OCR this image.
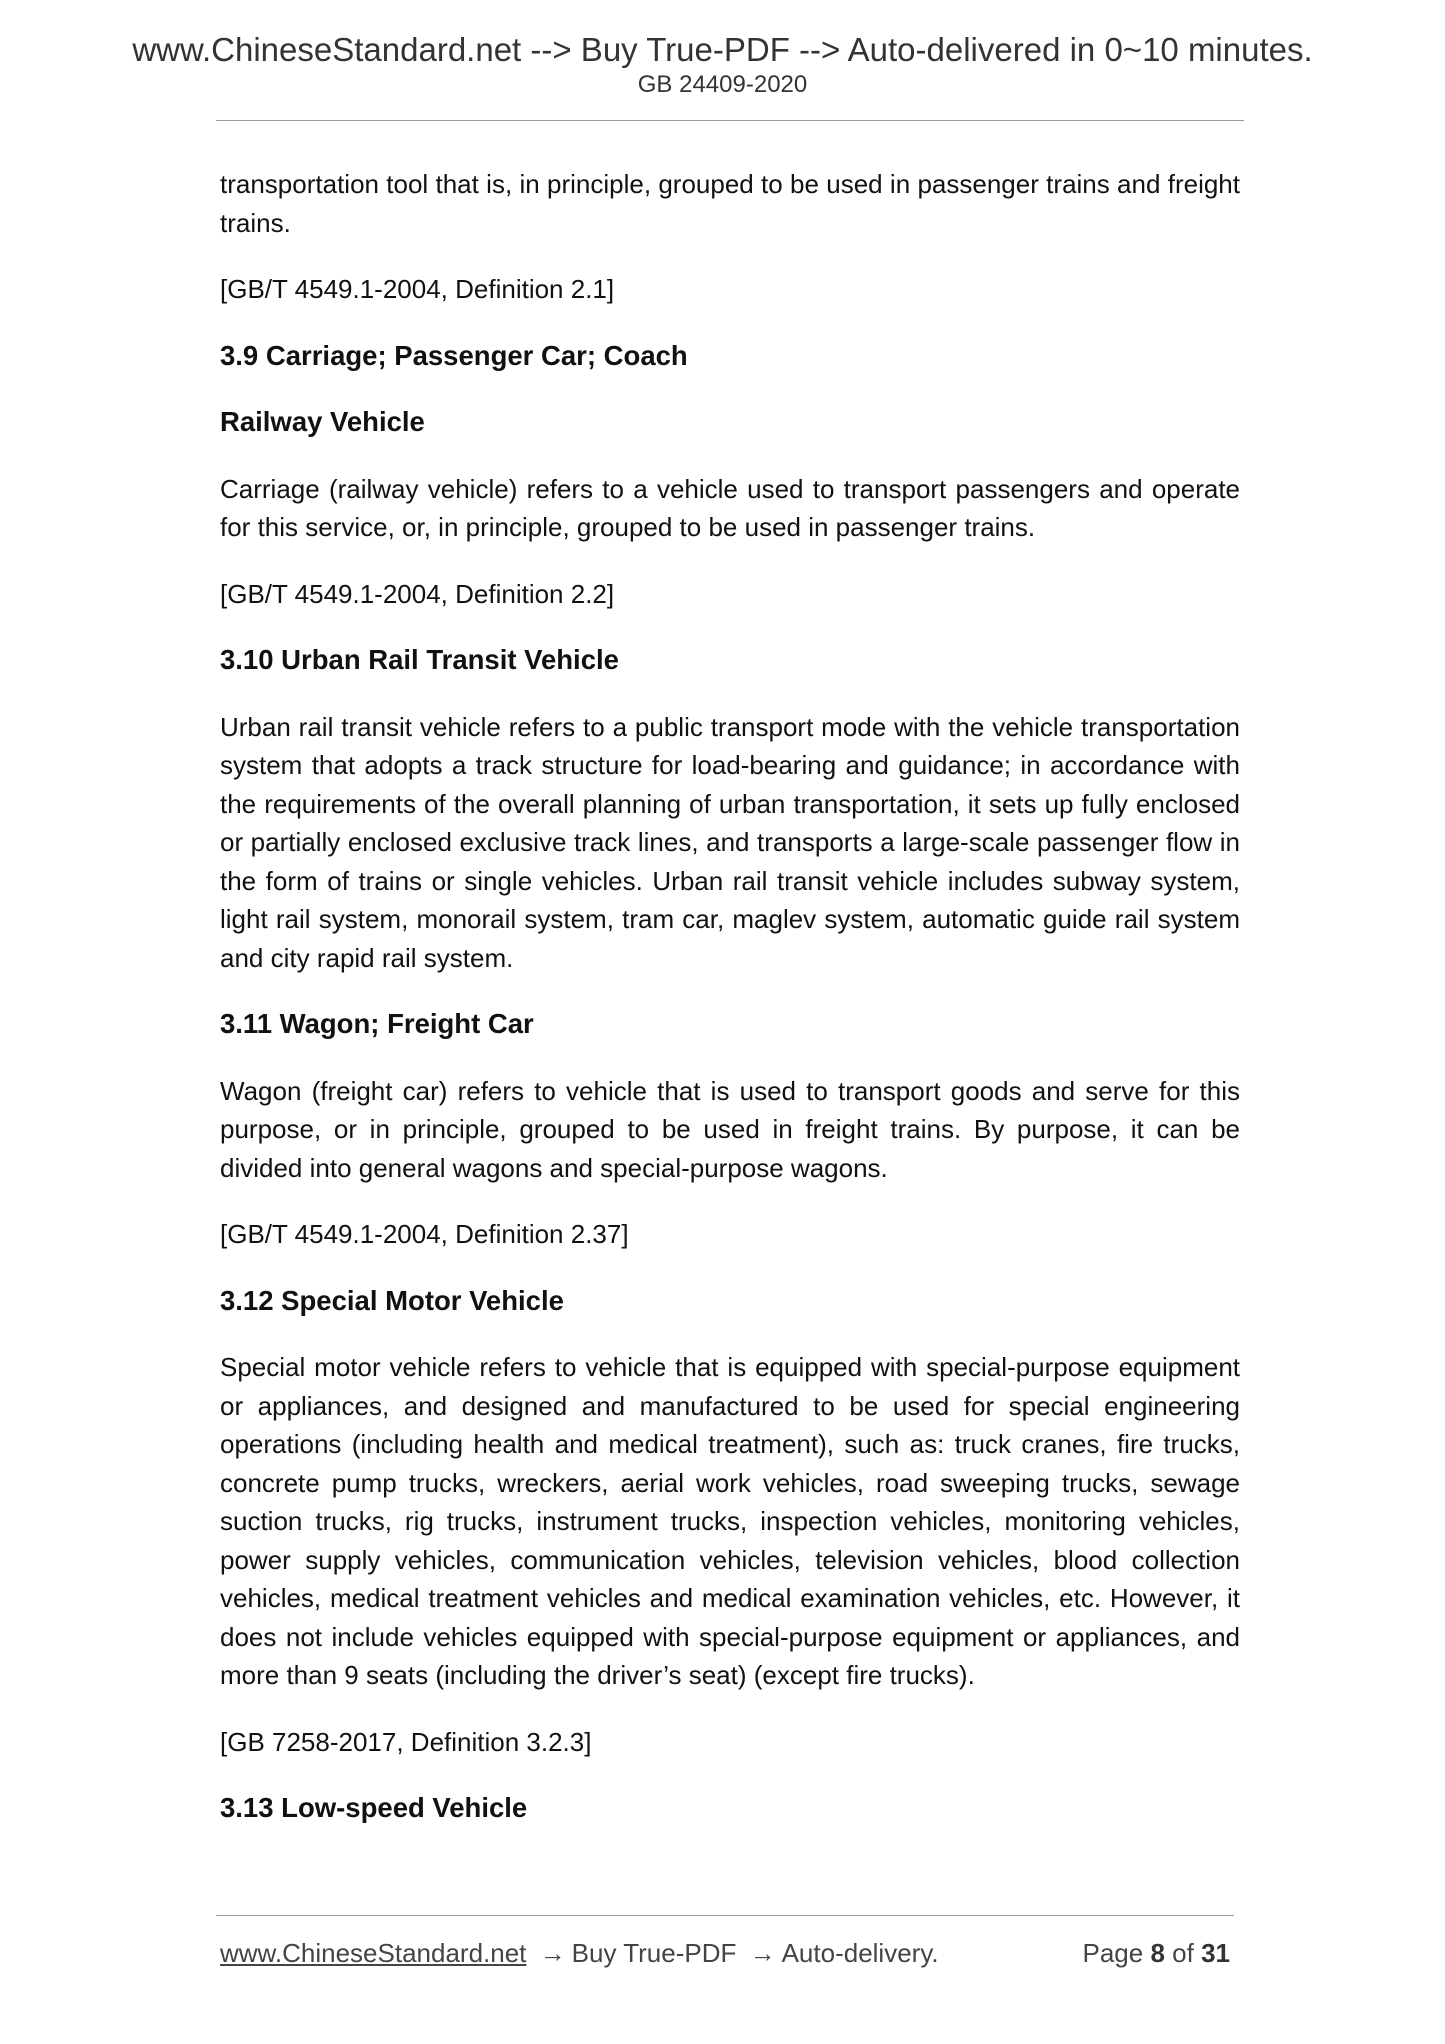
www.ChineseStandard.net --> Buy True-PDF --> Auto-delivered in 0~10 minutes.
GB 24409-2020

transportation tool that is, in principle, grouped to be used in passenger trains and freight trains.

[GB/T 4549.1-2004, Definition 2.1]

3.9 Carriage; Passenger Car; Coach

Railway Vehicle

Carriage (railway vehicle) refers to a vehicle used to transport passengers and operate for this service, or, in principle, grouped to be used in passenger trains.

[GB/T 4549.1-2004, Definition 2.2]

3.10 Urban Rail Transit Vehicle

Urban rail transit vehicle refers to a public transport mode with the vehicle transportation system that adopts a track structure for load-bearing and guidance; in accordance with the requirements of the overall planning of urban transportation, it sets up fully enclosed or partially enclosed exclusive track lines, and transports a large-scale passenger flow in the form of trains or single vehicles. Urban rail transit vehicle includes subway system, light rail system, monorail system, tram car, maglev system, automatic guide rail system and city rapid rail system.

3.11 Wagon; Freight Car

Wagon (freight car) refers to vehicle that is used to transport goods and serve for this purpose, or in principle, grouped to be used in freight trains. By purpose, it can be divided into general wagons and special-purpose wagons.

[GB/T 4549.1-2004, Definition 2.37]

3.12 Special Motor Vehicle

Special motor vehicle refers to vehicle that is equipped with special-purpose equipment or appliances, and designed and manufactured to be used for special engineering operations (including health and medical treatment), such as: truck cranes, fire trucks, concrete pump trucks, wreckers, aerial work vehicles, road sweeping trucks, sewage suction trucks, rig trucks, instrument trucks, inspection vehicles, monitoring vehicles, power supply vehicles, communication vehicles, television vehicles, blood collection vehicles, medical treatment vehicles and medical examination vehicles, etc. However, it does not include vehicles equipped with special-purpose equipment or appliances, and more than 9 seats (including the driver’s seat) (except fire trucks).

[GB 7258-2017, Definition 3.2.3]

3.13 Low-speed Vehicle

www.ChineseStandard.net → Buy True-PDF → Auto-delivery.	Page 8 of 31
